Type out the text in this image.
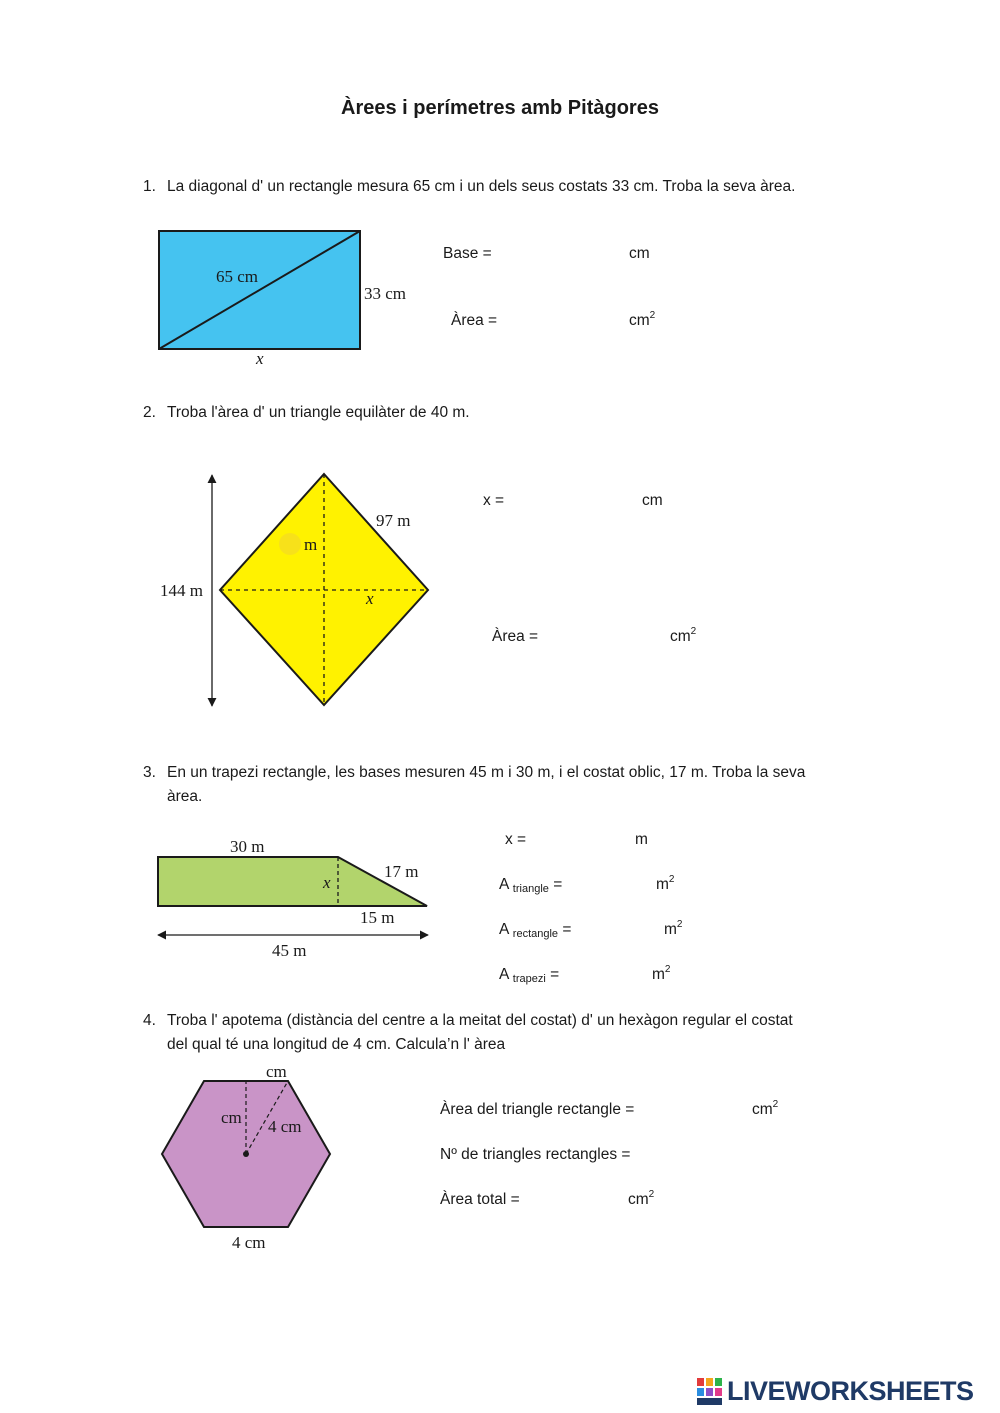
Àrees i perímetres amb Pitàgores
1. La diagonal d' un rectangle mesura 65 cm i un dels seus costats 33 cm. Troba la seva àrea.
65 cm
33 cm
x
Base =	cm
Àrea =	$cm^2$
2. Troba l'àrea d' un triangle equilàter de 40 m.
144 m
97 m
m
x
x =	cm
Àrea =	$cm^2$
3. En un trapezi rectangle, les bases mesuren 45 m i 30 m, i el costat oblic, 17 m. Troba la seva
àrea.
30 m
17 m
x
15 m
45 m
x =	m
A triangle =	$m^2$
A rectangle =	$m^2$
A trapezi =	$m^2$
4. Troba l' apotema (distància del centre a la meitat del costat) d' un hexàgon regular el costat
del qual té una longitud de 4 cm. Calcula’n l' àrea
cm
cm 4 cm
4 cm
Àrea del triangle rectangle =	$cm^2$
Nº de triangles rectangles =
Àrea total =	$cm^2$
LIVEWORKSHEETS
